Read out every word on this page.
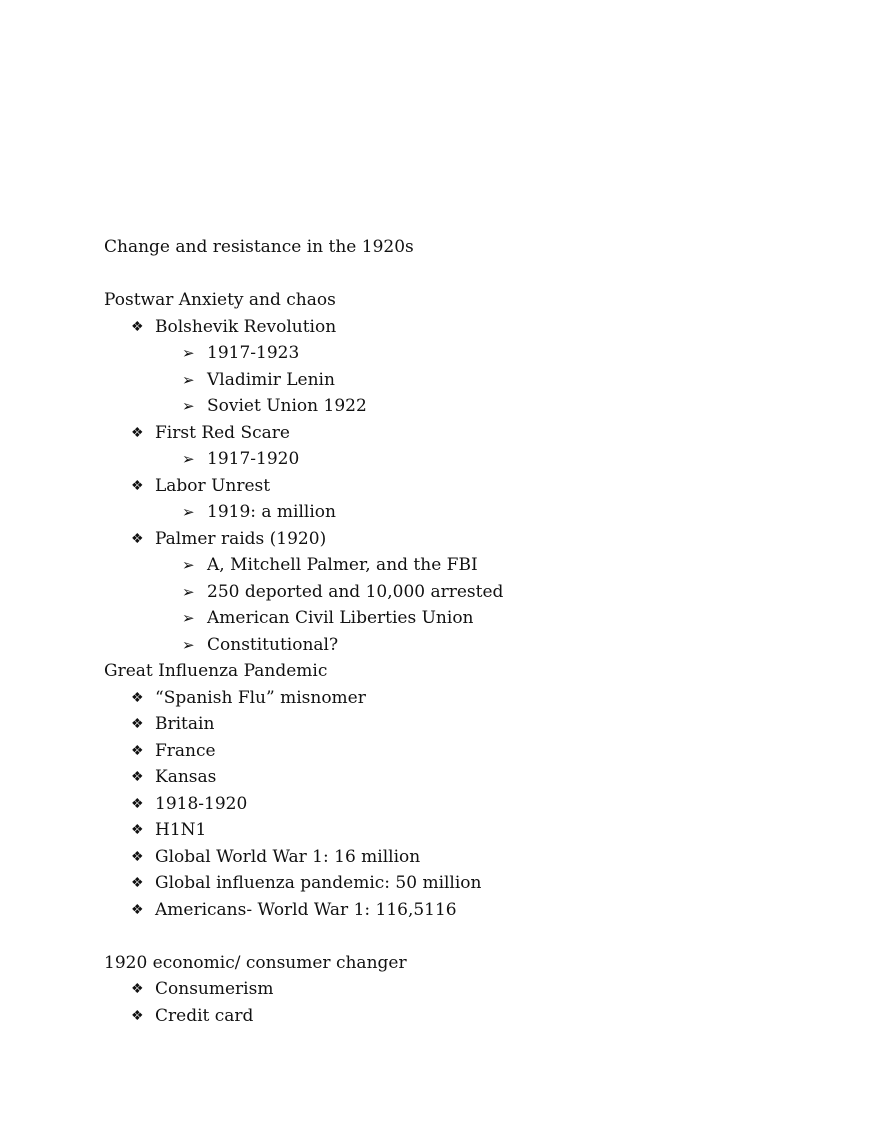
Change and resistance in the 1920s
Postwar Anxiety and chaos
❖ Bolshevik Revolution
➢ 1917-1923
➢ Vladimir Lenin
➢ Soviet Union 1922
❖ First Red Scare
➢ 1917-1920
❖ Labor Unrest
➢ 1919: a million
❖ Palmer raids (1920)
➢ A, Mitchell Palmer, and the FBI
➢ 250 deported and 10,000 arrested
➢ American Civil Liberties Union
➢ Constitutional?
Great Influenza Pandemic
❖ “Spanish Flu” misnomer
❖ Britain
❖ France
❖ Kansas
❖ 1918-1920
❖ H1N1
❖ Global World War 1: 16 million
❖ Global influenza pandemic: 50 million
❖ Americans- World War 1: 116,5116
1920 economic/ consumer changer
❖ Consumerism
❖ Credit card
